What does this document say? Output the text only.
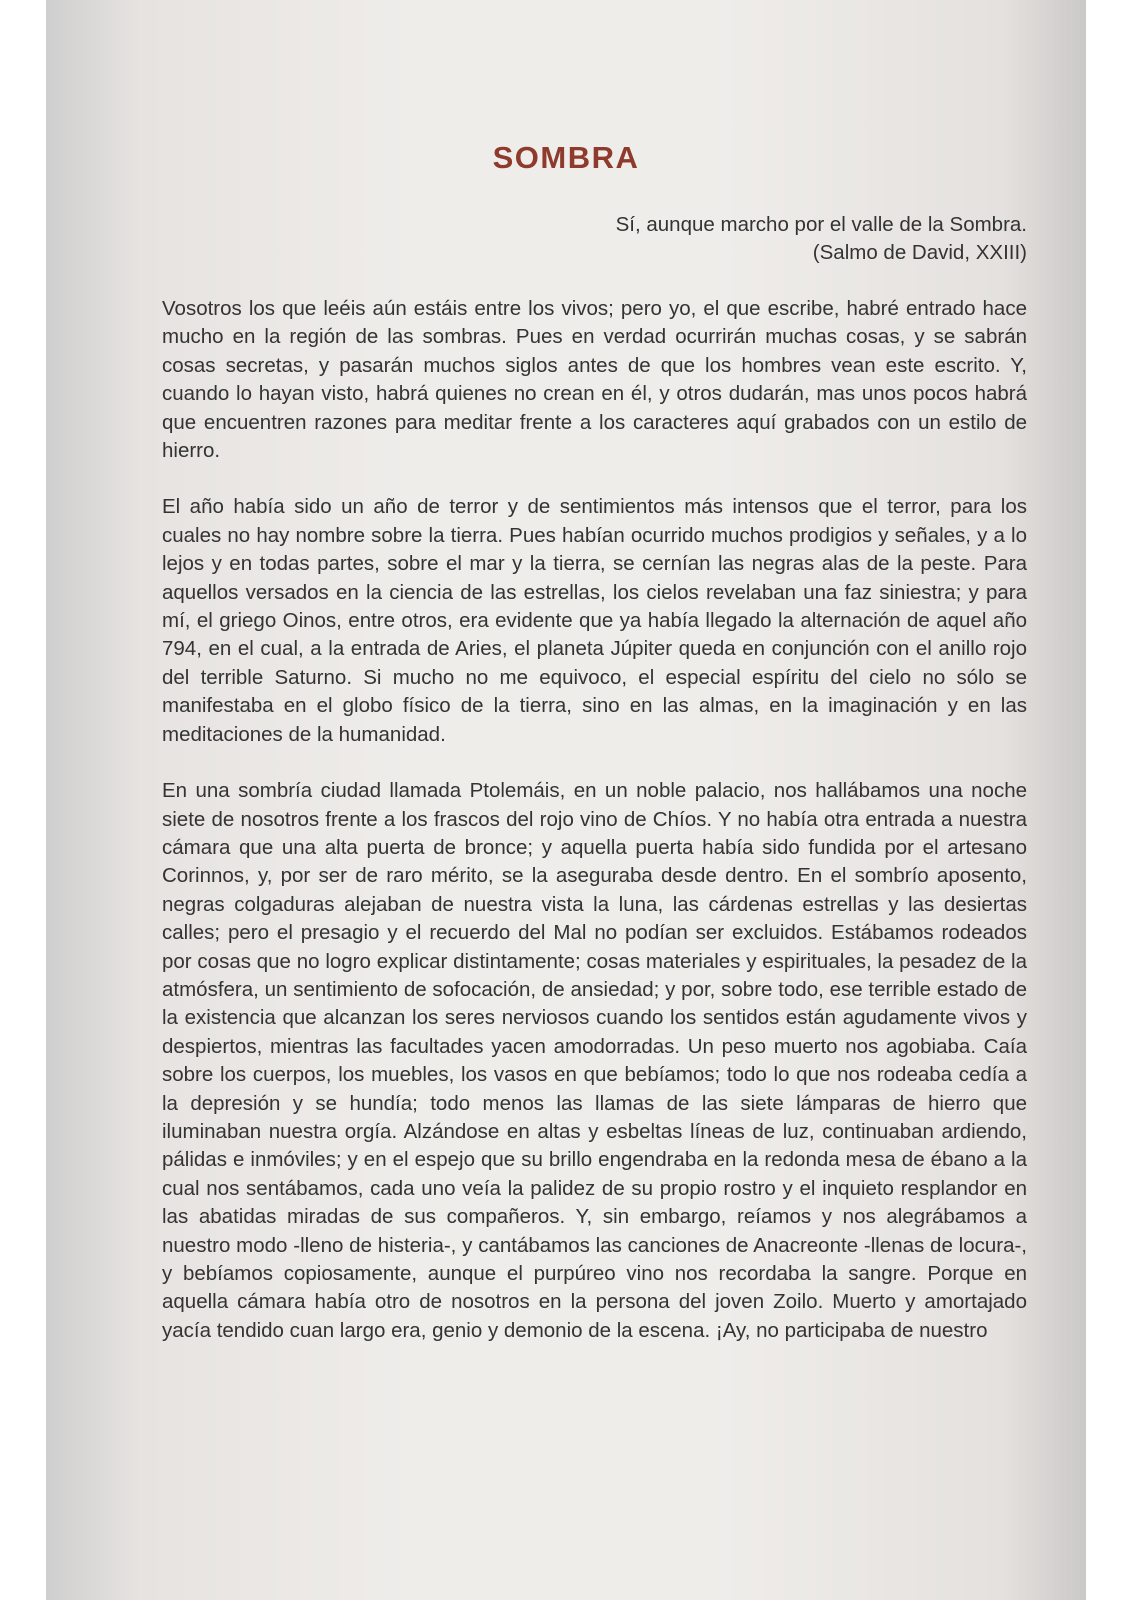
SOMBRA
Sí, aunque marcho por el valle de la Sombra.
(Salmo de David, XXIII)

Vosotros los que leéis aún estáis entre los vivos; pero yo, el que escribe, habré entrado hace mucho en la región de las sombras. Pues en verdad ocurrirán muchas cosas, y se sabrán cosas secretas, y pasarán muchos siglos antes de que los hombres vean este escrito. Y, cuando lo hayan visto, habrá quienes no crean en él, y otros dudarán, mas unos pocos habrá que encuentren razones para meditar frente a los caracteres aquí grabados con un estilo de hierro.

El año había sido un año de terror y de sentimientos más intensos que el terror, para los cuales no hay nombre sobre la tierra. Pues habían ocurrido muchos prodigios y señales, y a lo lejos y en todas partes, sobre el mar y la tierra, se cernían las negras alas de la peste. Para aquellos versados en la ciencia de las estrellas, los cielos revelaban una faz siniestra; y para mí, el griego Oinos, entre otros, era evidente que ya había llegado la alternación de aquel año 794, en el cual, a la entrada de Aries, el planeta Júpiter queda en conjunción con el anillo rojo del terrible Saturno. Si mucho no me equivoco, el especial espíritu del cielo no sólo se manifestaba en el globo físico de la tierra, sino en las almas, en la imaginación y en las meditaciones de la humanidad.

En una sombría ciudad llamada Ptolemáis, en un noble palacio, nos hallábamos una noche siete de nosotros frente a los frascos del rojo vino de Chíos. Y no había otra entrada a nuestra cámara que una alta puerta de bronce; y aquella puerta había sido fundida por el artesano Corinnos, y, por ser de raro mérito, se la aseguraba desde dentro. En el sombrío aposento, negras colgaduras alejaban de nuestra vista la luna, las cárdenas estrellas y las desiertas calles; pero el presagio y el recuerdo del Mal no podían ser excluidos. Estábamos rodeados por cosas que no logro explicar distintamente; cosas materiales y espirituales, la pesadez de la atmósfera, un sentimiento de sofocación, de ansiedad; y por, sobre todo, ese terrible estado de la existencia que alcanzan los seres nerviosos cuando los sentidos están agudamente vivos y despiertos, mientras las facultades yacen amodorradas. Un peso muerto nos agobiaba. Caía sobre los cuerpos, los muebles, los vasos en que bebíamos; todo lo que nos rodeaba cedía a la depresión y se hundía; todo menos las llamas de las siete lámparas de hierro que iluminaban nuestra orgía. Alzándose en altas y esbeltas líneas de luz, continuaban ardiendo, pálidas e inmóviles; y en el espejo que su brillo engendraba en la redonda mesa de ébano a la cual nos sentábamos, cada uno veía la palidez de su propio rostro y el inquieto resplandor en las abatidas miradas de sus compañeros. Y, sin embargo, reíamos y nos alegrábamos a nuestro modo -lleno de histeria-, y cantábamos las canciones de Anacreonte -llenas de locura-, y bebíamos copiosamente, aunque el purpúreo vino nos recordaba la sangre. Porque en aquella cámara había otro de nosotros en la persona del joven Zoilo. Muerto y amortajado yacía tendido cuan largo era, genio y demonio de la escena. ¡Ay, no participaba de nuestro
